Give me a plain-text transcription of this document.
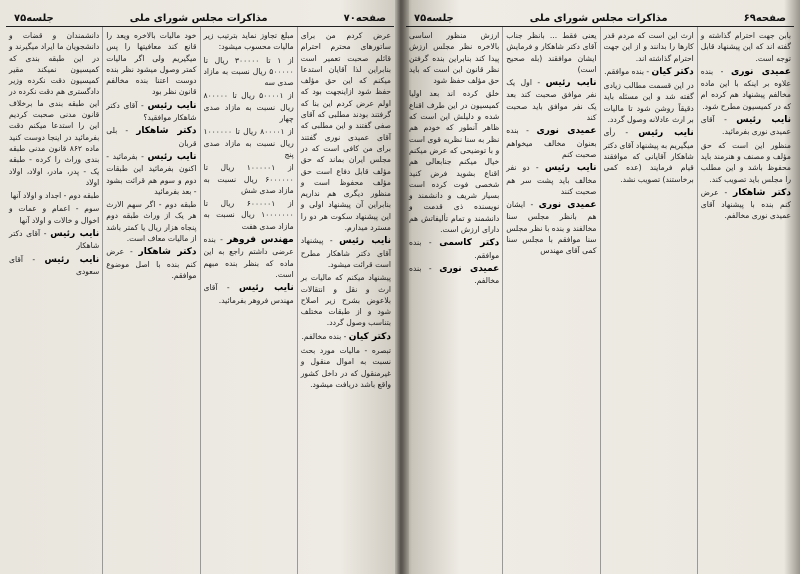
صفحه۷۰
مذاکرات مجلس شورای ملی
جلسه۷۵

عرض کردم من برای ساتورهای محترم احترام قائلم صحبت تعمیر است بنابراین لذا آقایان استدعا میکنم که این حق مؤلف حفظ شود ازاینجهت بود که اولم عرض کردم این بنا که گرفتند بودند مطلبی که آقای صفی گفتند و این مطلبی که آقای عمیدی نوری گفتند برای من کافی است که در مجلس ایران بماند که حق مؤلف قابل دفاع است حق مؤلف محفوظ است و منظور دیگری هم نداریم بنابراین آن پیشنهاد اولی و این پیشنهاد سکوت هر دو را مسترد میدارم.

نایب رئیس - پیشنهاد آقای دکتر شاهکار مطرح است قرائت میشود.

پیشنهاد میکنم که مالیات بر ارث و نقل و انتقالات بلاعوض بشرح زیر اصلاح شود و از طبقات مختلف بتناسب وصول گردد.

دکتر کیان - بنده مخالفم.

تبصره - مالیات مورد بحث نسبت به اموال منقول و غیرمنقول که در داخل کشور واقع باشد دریافت میشود.

مبلغ تجاوز نماید بترتیب زیر مالیات محسوب میشود:

از ۱ تا ۳۰۰۰۰۰ ریال تا ۵۰۰۰۰۰ ریال نسبت به مازاد صدی سه

از ۵۰۰۰۰۱ ریال تا ۸۰۰۰۰۰ ریال نسبت به مازاد صدی چهار

از ۸۰۰۰۰۱ ریال تا ۱۰۰۰۰۰۰ ریال نسبت به مازاد صدی پنج

از ۱۰۰۰۰۰۱ ریال تا ۶۰۰۰۰۰۰ ریال نسبت به مازاد صدی شش

از ۶۰۰۰۰۰۱ ریال تا ۱۰۰۰۰۰۰۰ ریال نسبت به مازاد صدی هفت

مهندس فروهر - بنده عرضی داشتم راجع به این ماده که بنظر بنده مبهم است.

نایب رئیس - آقای مهندس فروهر بفرمائید.

خود مالیات بالاخره ویعد را قانع کند معافیتها را پس میگیریم ولی اگر مالیات کمتر وصول میشود نظر بنده دوست اعتنا بنده مخالفم قانون نظر بود

نایب رئیس - آقای دکتر شاهکار موافقید؟

دکتر شاهکار - بلی قربان

نایب رئیس - بفرمائید - اکنون بفرمائید این طبقات دوم و سوم هم قرائت بشود - بعد بفرمائید

طبقه دوم - اگر سهم الارث هر یک از وراث طبقه دوم پنجاه هزار ریال یا کمتر باشد از مالیات معاف است.

دکتر شاهکار - عرض کنم بنده با اصل موضوع موافقم.

دانشمندان و قضات و دانشجویان ما ایراد میگیرند و در این طبقه بندی که کمیسیون نمیکند مقیر کمیسیون دقت نکرده وزیر دادگستری هم دقت نکرده در این طبقه بندی ما برخلاف قانون مدنی صحبت کردیم این را استدعا میکنم دقت بفرمائید در اینجا دوست کنید ماده ۸۶۲ قانون مدنی طبقه بندی وراث را کرده - طبقه یک - پدر، مادر، اولاد، اولاد اولاد

طبقه دوم - اجداد و اولاد آنها

سوم - اعمام و عمات و اخوال و خالات و اولاد آنها

نایب رئیس - آقای دکتر شاهکار

نایب رئیس - آقای سعودی

صفحه۶۹
مذاکرات مجلس شورای ملی
جلسه۷۵

بابن جهت احترام گذاشته و گفته اند که این پیشنهاد قابل توجه است.

عمیدی نوری - بنده علاوه بر اینکه با این ماده مخالفم پیشنهاد هم کرده ام که در کمیسیون مطرح شود.

نایب رئیس - آقای عمیدی نوری بفرمائید.

منظور این است که حق مؤلف و مصنف و هنرمند باید محفوظ باشد و این مطلب را مجلس باید تصویب کند.

دکتر شاهکار - عرض کنم بنده با پیشنهاد آقای عمیدی نوری مخالفم.

ارث این است که مردم قدر کارها را بدانند و از این جهت احترام گذاشته اند.

دکتر کیان - بنده موافقم.

در این قسمت مطالب زیادی گفته شد و این مسئله باید دقیقاً روشن شود تا مالیات بر ارث عادلانه وصول گردد.

نایب رئیس - رأی میگیریم به پیشنهاد آقای دکتر شاهکار آقایانی که موافقند قیام فرمایند (عده کمی برخاستند) تصویب نشد.

یعنی فقط ... بانظر جناب آقای دکتر شاهکار و فرمایش ایشان موافقند (بله صحیح است)

نایب رئیس - اول یک نفر موافق صحبت کند بعد یک نفر موافق باید صحبت کند

عمیدی نوری - بنده بعنوان مخالف میخواهم صحبت کنم

نایب رئیس - دو نفر مخالف باید پشت سر هم صحبت کنند

عمیدی نوری - ایشان هم بانظر مجلس سنا مخالفند و بنده با نظر مجلس سنا موافقم با مجلس سنا کمی آقای مهندس

ارزش منظور اساسی بالاخره نظر مجلس ارزش پیدا کند بنابراین بنده گرفتن نظر قانون این است که باید حق مؤلف حفظ شود

خلق کرده اند بعد اولیا کمیسیون در این طرف اقناع شده و دلیلش این است که ظاهر آنطور که خودم هم نظر به سنا نظریه قوی است و با توضیحی که عرض میکنم خیال میکنم جنابعالی هم اقناع بشوید فرض کنید شخصی فوت کرده است بسیار شریف و دانشمند و نویسنده ذی قدمت و دانشمند و تمام تألیفاتش هم دارای ارزش است.

دکتر کاسمی - بنده موافقم.

عمیدی نوری - بنده مخالفم.
